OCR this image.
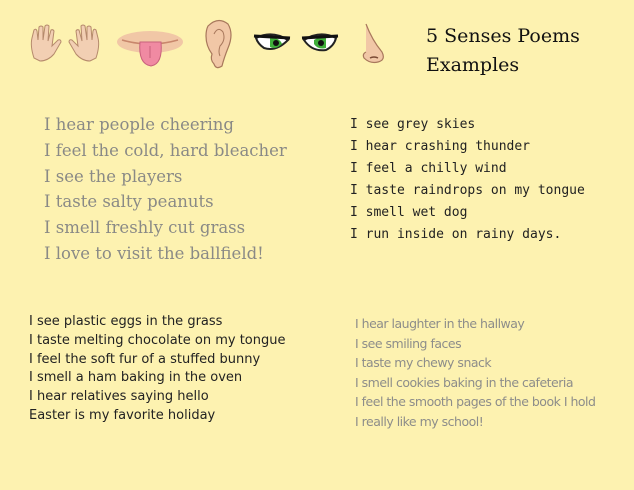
5 Senses Poems
Examples
I hear people cheering
I feel the cold, hard bleacher
I see the players
I taste salty peanuts
I smell freshly cut grass
I love to visit the ballfield!
I see grey skies
I hear crashing thunder
I feel a chilly wind
I taste raindrops on my tongue
I smell wet dog
I run inside on rainy days.
I see plastic eggs in the grass
I taste melting chocolate on my tongue
I feel the soft fur of a stuffed bunny
I smell a ham baking in the oven
I hear relatives saying hello
Easter is my favorite holiday
I hear laughter in the hallway
I see smiling faces
I taste my chewy snack
I smell cookies baking in the cafeteria
I feel the smooth pages of the book I hold
I really like my school!
